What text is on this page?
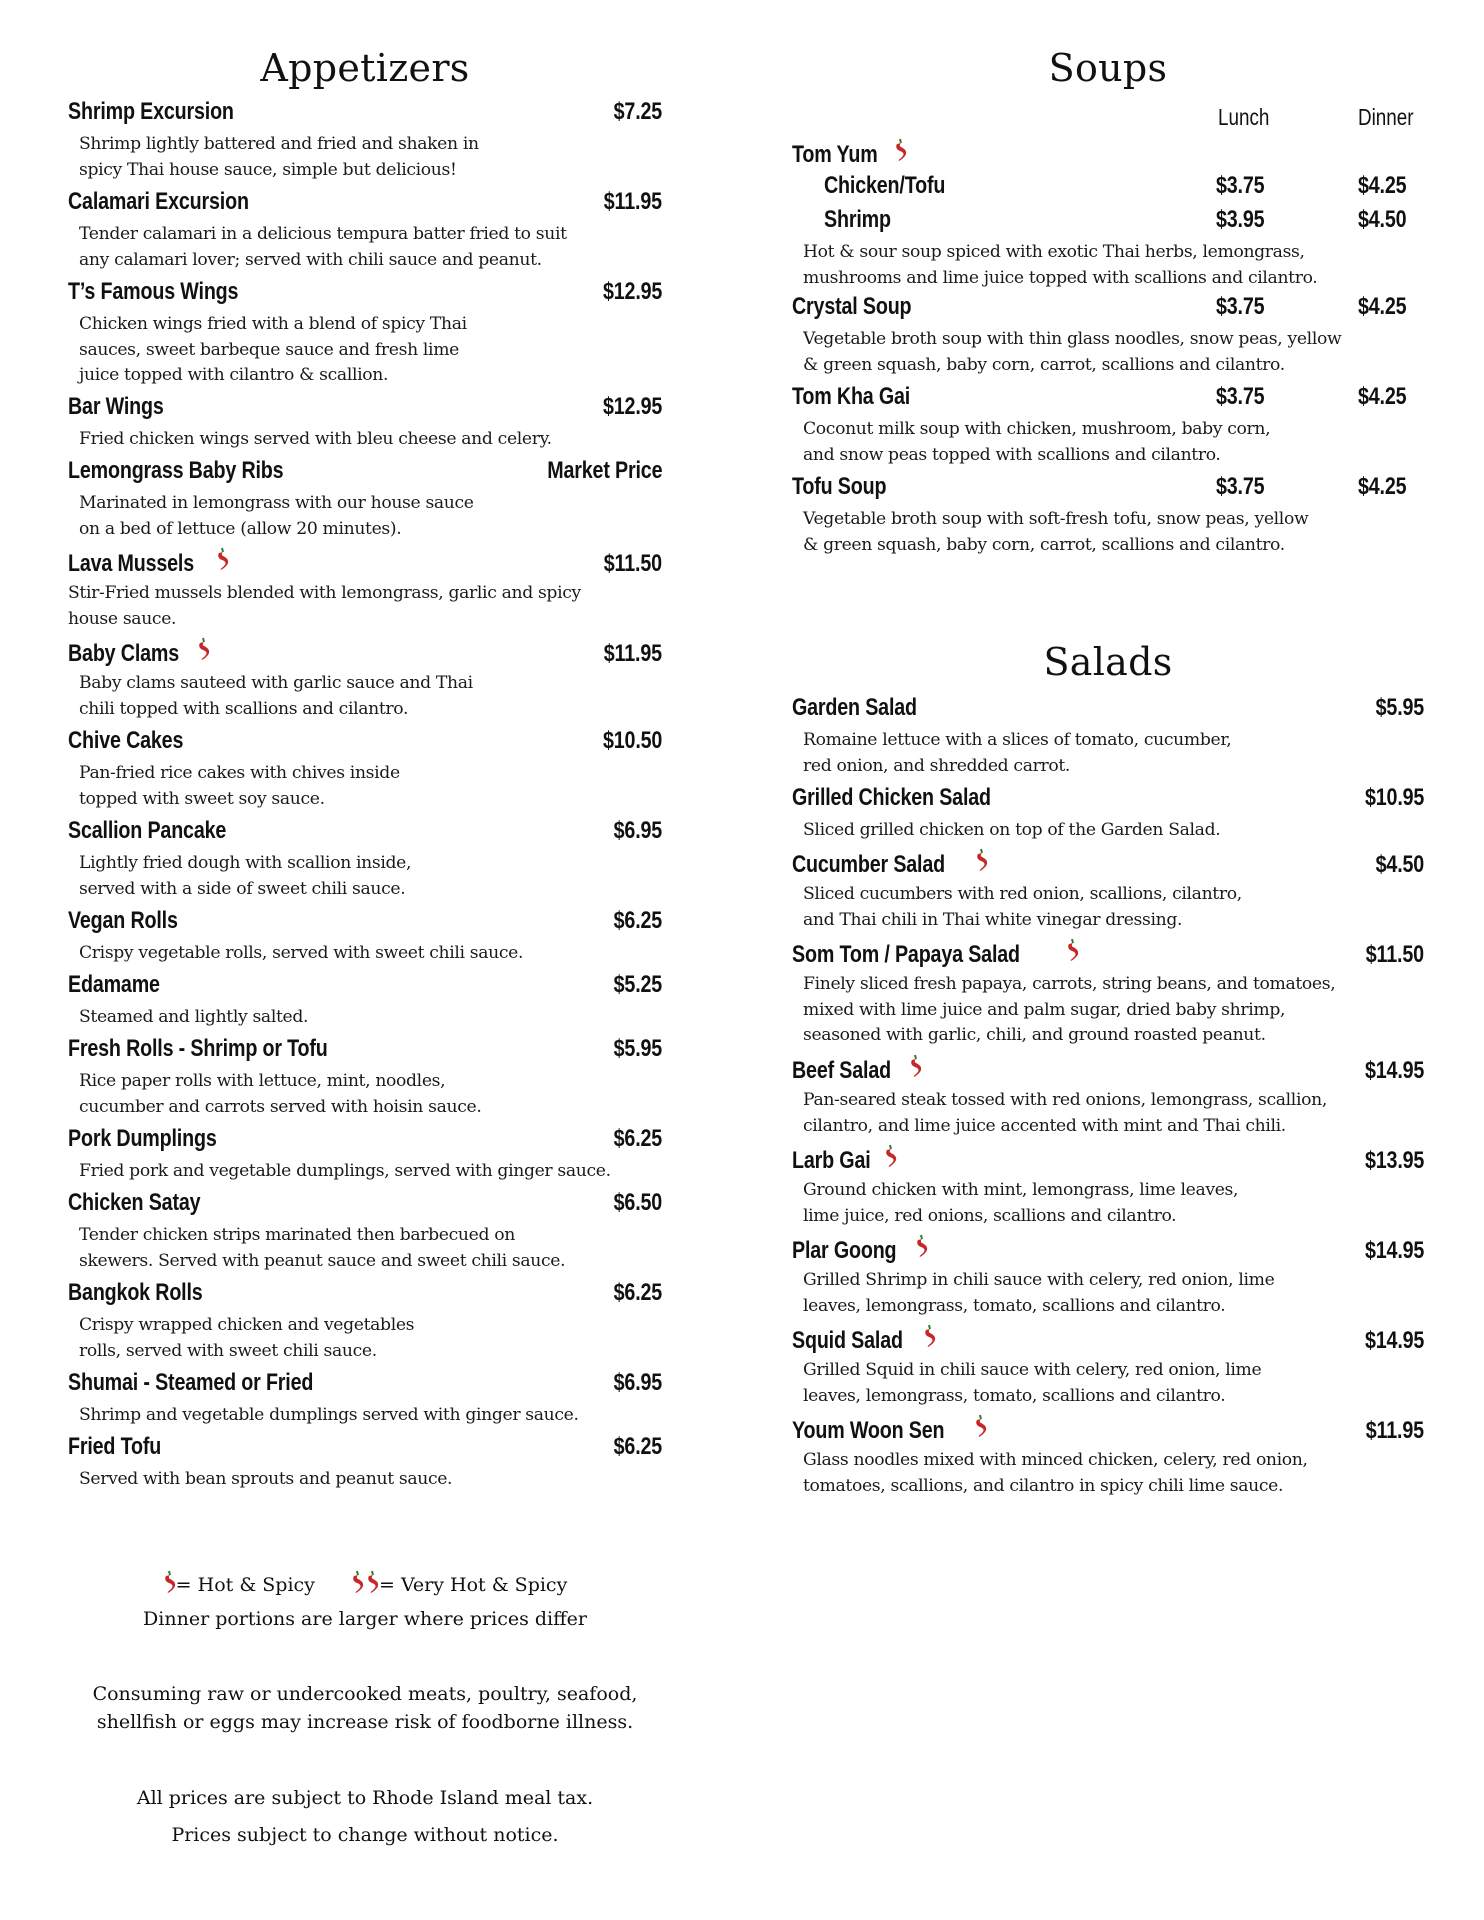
Appetizers
Shrimp Excursion	$7.25
Shrimp lightly battered and fried and shaken in
spicy Thai house sauce, simple but delicious!
Calamari Excursion	$11.95
Tender calamari in a delicious tempura batter fried to suit
any calamari lover; served with chili sauce and peanut.
T’s Famous Wings	$12.95
Chicken wings fried with a blend of spicy Thai
sauces, sweet barbeque sauce and fresh lime
juice topped with cilantro & scallion.
Bar Wings	$12.95
Fried chicken wings served with bleu cheese and celery.
Lemongrass Baby Ribs	Market Price
Marinated in lemongrass with our house sauce
on a bed of lettuce (allow 20 minutes).
Lava Mussels	$11.50
Stir-Fried mussels blended with lemongrass, garlic and spicy
house sauce.
Baby Clams	$11.95
Baby clams sauteed with garlic sauce and Thai
chili topped with scallions and cilantro.
Chive Cakes	$10.50
Pan-fried rice cakes with chives inside
topped with sweet soy sauce.
Scallion Pancake	$6.95
Lightly fried dough with scallion inside,
served with a side of sweet chili sauce.
Vegan Rolls	$6.25
Crispy vegetable rolls, served with sweet chili sauce.
Edamame	$5.25
Steamed and lightly salted.
Fresh Rolls - Shrimp or Tofu	$5.95
Rice paper rolls with lettuce, mint, noodles,
cucumber and carrots served with hoisin sauce.
Pork Dumplings	$6.25
Fried pork and vegetable dumplings, served with ginger sauce.
Chicken Satay	$6.50
Tender chicken strips marinated then barbecued on
skewers. Served with peanut sauce and sweet chili sauce.
Bangkok Rolls	$6.25
Crispy wrapped chicken and vegetables
rolls, served with sweet chili sauce.
Shumai - Steamed or Fried	$6.95
Shrimp and vegetable dumplings served with ginger sauce.
Fried Tofu	$6.25
Served with bean sprouts and peanut sauce.
Soups
Lunch	Dinner
Tom Yum
Chicken/Tofu	$3.75	$4.25
Shrimp	$3.95	$4.50
Hot & sour soup spiced with exotic Thai herbs, lemongrass,
mushrooms and lime juice topped with scallions and cilantro.
Crystal Soup	$3.75	$4.25
Vegetable broth soup with thin glass noodles, snow peas, yellow
& green squash, baby corn, carrot, scallions and cilantro.
Tom Kha Gai	$3.75	$4.25
Coconut milk soup with chicken, mushroom, baby corn,
and snow peas topped with scallions and cilantro.
Tofu Soup	$3.75	$4.25
Vegetable broth soup with soft-fresh tofu, snow peas, yellow
& green squash, baby corn, carrot, scallions and cilantro.
Salads
Garden Salad	$5.95
Romaine lettuce with a slices of tomato, cucumber,
red onion, and shredded carrot.
Grilled Chicken Salad	$10.95
Sliced grilled chicken on top of the Garden Salad.
Cucumber Salad	$4.50
Sliced cucumbers with red onion, scallions, cilantro,
and Thai chili in Thai white vinegar dressing.
Som Tom / Papaya Salad	$11.50
Finely sliced fresh papaya, carrots, string beans, and tomatoes,
mixed with lime juice and palm sugar, dried baby shrimp,
seasoned with garlic, chili, and ground roasted peanut.
Beef Salad	$14.95
Pan-seared steak tossed with red onions, lemongrass, scallion,
cilantro, and lime juice accented with mint and Thai chili.
Larb Gai	$13.95
Ground chicken with mint, lemongrass, lime leaves,
lime juice, red onions, scallions and cilantro.
Plar Goong	$14.95
Grilled Shrimp in chili sauce with celery, red onion, lime
leaves, lemongrass, tomato, scallions and cilantro.
Squid Salad	$14.95
Grilled Squid in chili sauce with celery, red onion, lime
leaves, lemongrass, tomato, scallions and cilantro.
Youm Woon Sen	$11.95
Glass noodles mixed with minced chicken, celery, red onion,
tomatoes, scallions, and cilantro in spicy chili lime sauce.

= Hot & Spicy	= Very Hot & Spicy

Dinner portions are larger where prices differ

Consuming raw or undercooked meats, poultry, seafood,
shellfish or eggs may increase risk of foodborne illness.

All prices are subject to Rhode Island meal tax.

Prices subject to change without notice.
